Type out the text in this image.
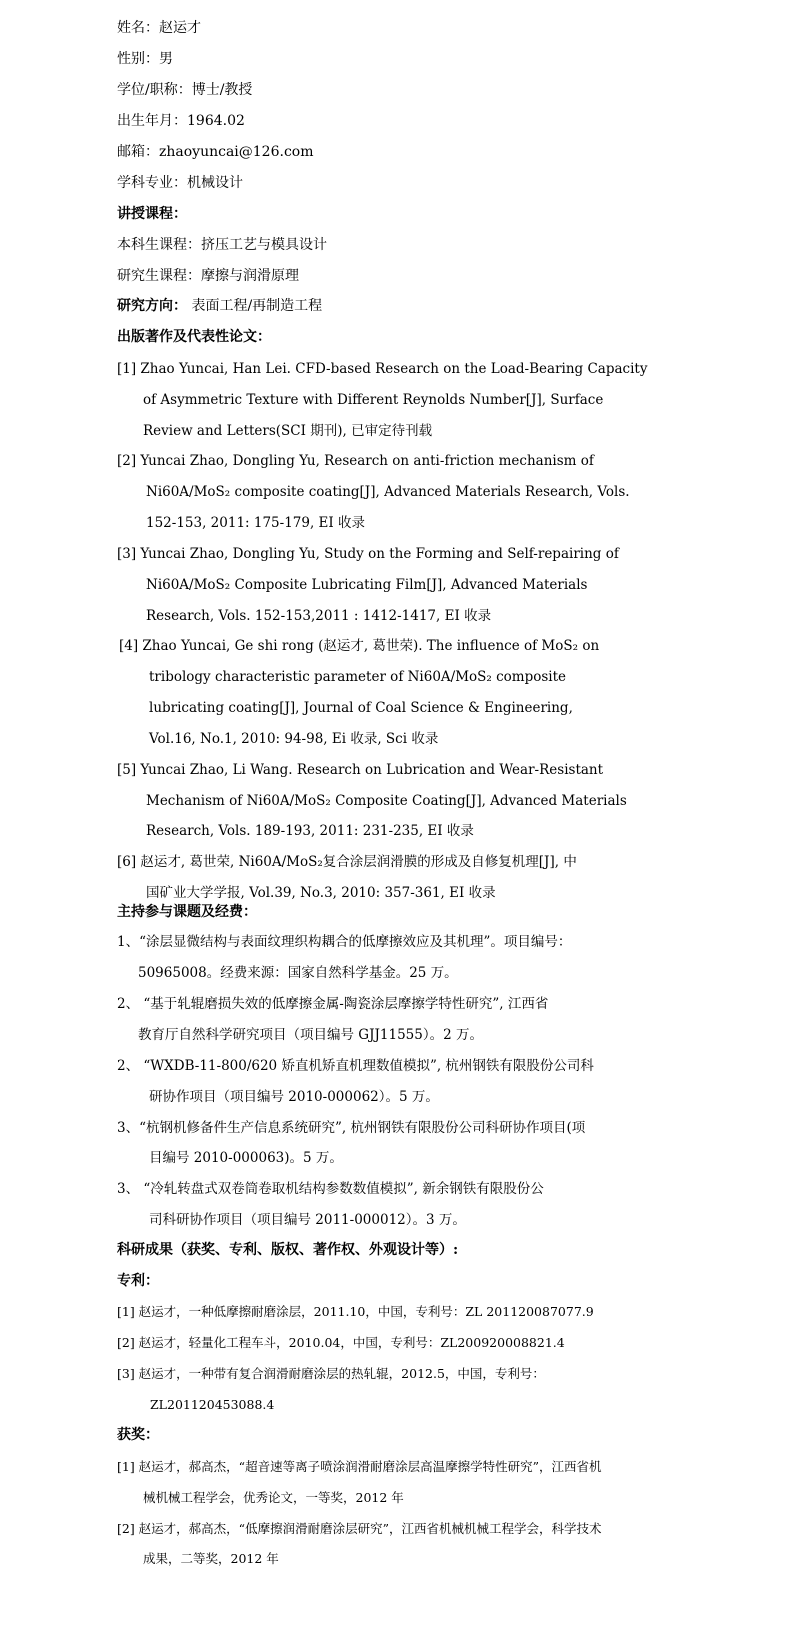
姓名：赵运才
性别：男
学位/职称：博士/教授
出生年月：1964.02
邮箱：zhaoyuncai@126.com
学科专业：机械设计
讲授课程：
本科生课程：挤压工艺与模具设计
研究生课程：摩擦与润滑原理
研究方向： 表面工程/再制造工程
出版著作及代表性论文：
[1] Zhao Yuncai, Han Lei. CFD-based Research on the Load-Bearing Capacity
of Asymmetric Texture with Different Reynolds Number[J], Surface
Review and Letters(SCI 期刊), 已审定待刊载
[2] Yuncai Zhao, Dongling Yu, Research on anti-friction mechanism of
Ni60A/MoS₂ composite coating[J], Advanced Materials Research, Vols.
152-153, 2011: 175-179, EI 收录
[3] Yuncai Zhao, Dongling Yu, Study on the Forming and Self-repairing of
Ni60A/MoS₂ Composite Lubricating Film[J], Advanced Materials
Research, Vols. 152-153,2011 : 1412-1417, EI 收录
[4] Zhao Yuncai, Ge shi rong (赵运才, 葛世荣). The influence of MoS₂ on
tribology characteristic parameter of Ni60A/MoS₂ composite
lubricating coating[J], Journal of Coal Science & Engineering,
Vol.16, No.1, 2010: 94-98, Ei 收录, Sci 收录
[5] Yuncai Zhao, Li Wang. Research on Lubrication and Wear-Resistant
Mechanism of Ni60A/MoS₂ Composite Coating[J], Advanced Materials
Research, Vols. 189-193, 2011: 231-235, EI 收录
[6] 赵运才, 葛世荣, Ni60A/MoS₂复合涂层润滑膜的形成及自修复机理[J], 中
国矿业大学学报, Vol.39, No.3, 2010: 357-361, EI 收录
主持参与课题及经费：
1、“涂层显微结构与表面纹理织构耦合的低摩擦效应及其机理”。项目编号：
50965008。经费来源：国家自然科学基金。25 万。
2、 “基于轧辊磨损失效的低摩擦金属-陶瓷涂层摩擦学特性研究”, 江西省
教育厅自然科学研究项目（项目编号 GJJ11555）。2 万。
2、 “WXDB-11-800/620 矫直机矫直机理数值模拟”, 杭州钢铁有限股份公司科
研协作项目（项目编号 2010-000062）。5 万。
3、“杭钢机修备件生产信息系统研究”, 杭州钢铁有限股份公司科研协作项目(项
目编号 2010-000063)。5 万。
3、 “冷轧转盘式双卷筒卷取机结构参数数值模拟”, 新余钢铁有限股份公
司科研协作项目（项目编号 2011-000012）。3 万。
科研成果（获奖、专利、版权、著作权、外观设计等）:
专利：
[1] 赵运才，一种低摩擦耐磨涂层，2011.10，中国，专利号：ZL 201120087077.9
[2] 赵运才，轻量化工程车斗，2010.04，中国，专利号：ZL200920008821.4
[3] 赵运才，一种带有复合润滑耐磨涂层的热轧辊，2012.5，中国，专利号：
ZL201120453088.4
获奖：
[1] 赵运才，郝高杰，“超音速等离子喷涂润滑耐磨涂层高温摩擦学特性研究”，江西省机
械机械工程学会，优秀论文，一等奖，2012 年
[2] 赵运才，郝高杰，“低摩擦润滑耐磨涂层研究”，江西省机械机械工程学会，科学技术
成果，二等奖，2012 年
